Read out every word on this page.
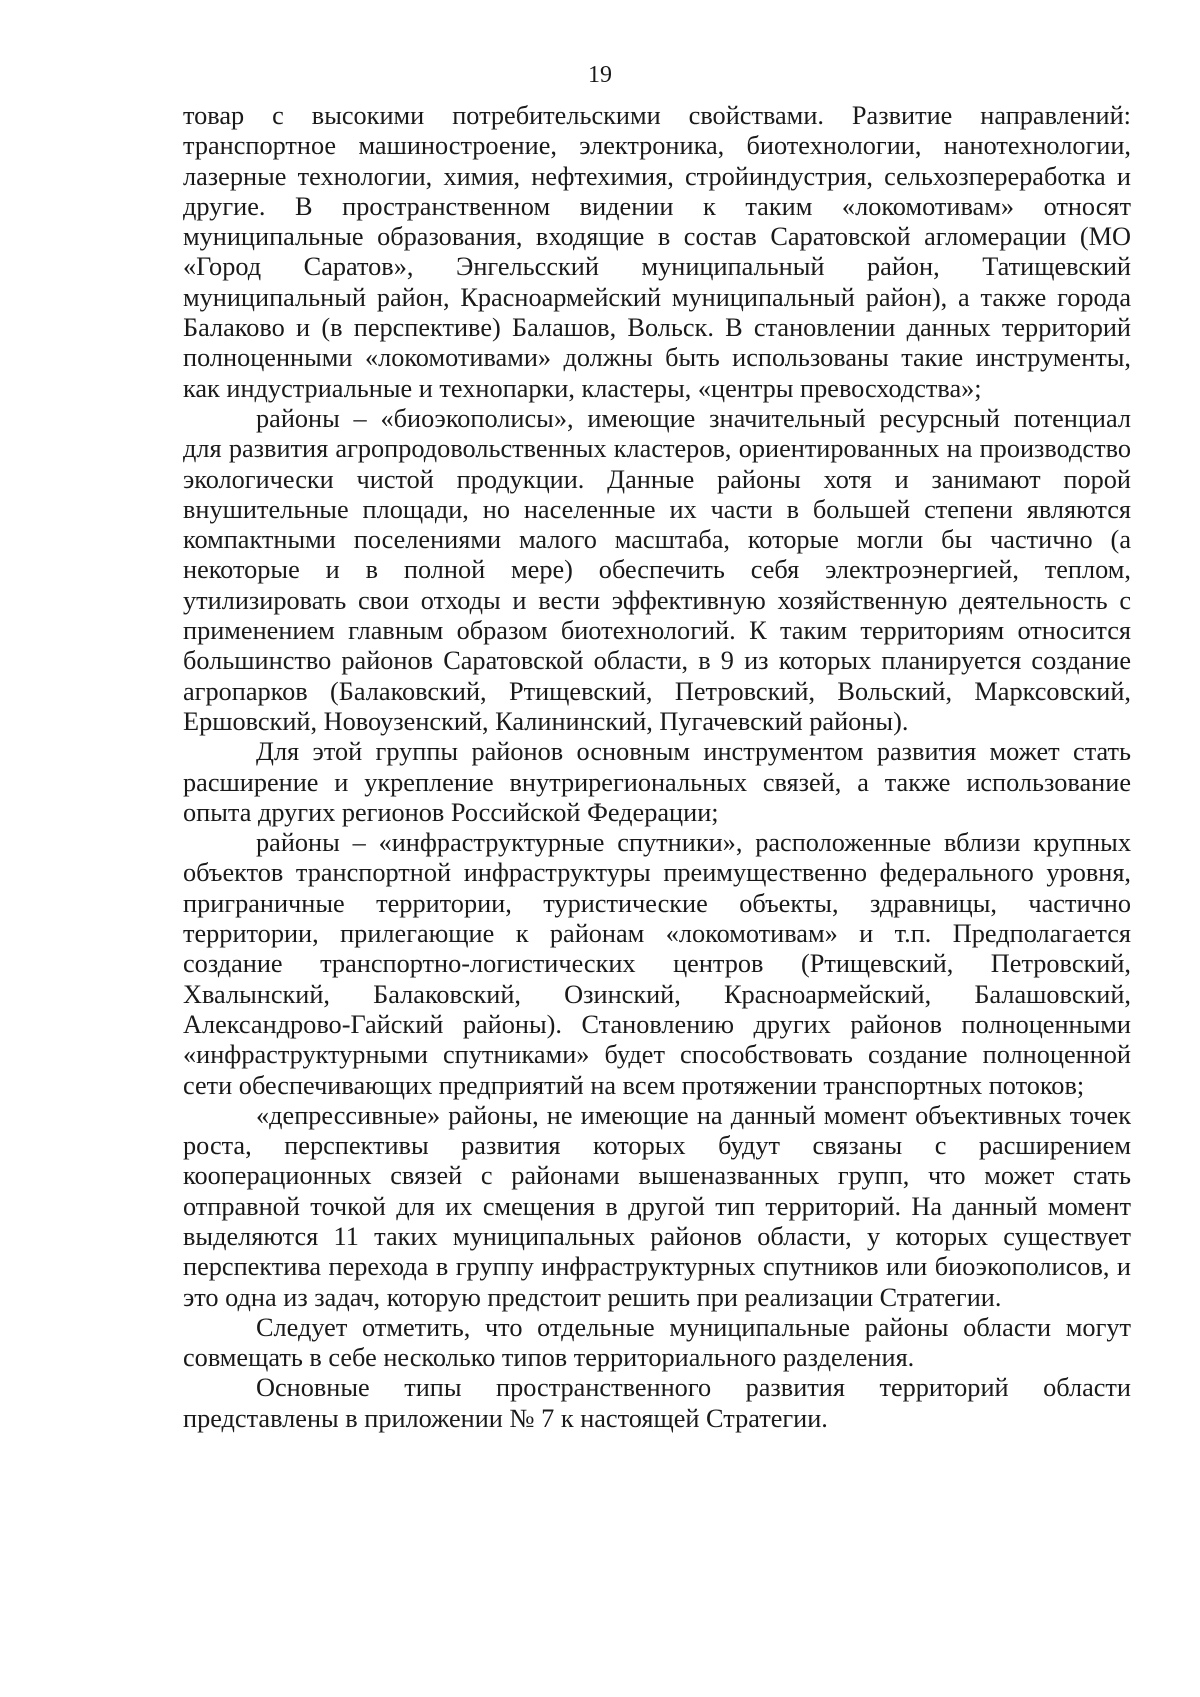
19

товар с высокими потребительскими свойствами. Развитие направлений: транспортное машиностроение, электроника, биотехнологии, нанотехнологии, лазерные технологии, химия, нефтехимия, стройиндустрия, сельхозпереработка и другие. В пространственном видении к таким «локомотивам» относят муниципальные образования, входящие в состав Саратовской агломерации (МО «Город Саратов», Энгельсский муниципальный район, Татищевский муниципальный район, Красноармейский муниципальный район), а также города Балаково и (в перспективе) Балашов, Вольск. В становлении данных территорий полноценными «локомотивами» должны быть использованы такие инструменты, как индустриальные и технопарки, кластеры, «центры превосходства»;

районы – «биоэкополисы», имеющие значительный ресурсный потенциал для развития агропродовольственных кластеров, ориентированных на производство экологически чистой продукции. Данные районы хотя и занимают порой внушительные площади, но населенные их части в большей степени являются компактными поселениями малого масштаба, которые могли бы частично (а некоторые и в полной мере) обеспечить себя электроэнергией, теплом, утилизировать свои отходы и вести эффективную хозяйственную деятельность с применением главным образом биотехнологий. К таким территориям относится большинство районов Саратовской области, в 9 из которых планируется создание агропарков (Балаковский, Ртищевский, Петровский, Вольский, Марксовский, Ершовский, Новоузенский, Калининский, Пугачевский районы).

Для этой группы районов основным инструментом развития может стать расширение и укрепление внутрирегиональных связей, а также использование опыта других регионов Российской Федерации;

районы – «инфраструктурные спутники», расположенные вблизи крупных объектов транспортной инфраструктуры преимущественно федерального уровня, приграничные территории, туристические объекты, здравницы, частично территории, прилегающие к районам «локомотивам» и т.п. Предполагается создание транспортно-логистических центров (Ртищевский, Петровский, Хвалынский, Балаковский, Озинский, Красноармейский, Балашовский, Александрово-Гайский районы). Становлению других районов полноценными «инфраструктурными спутниками» будет способствовать создание полноценной сети обеспечивающих предприятий на всем протяжении транспортных потоков;

«депрессивные» районы, не имеющие на данный момент объективных точек роста, перспективы развития которых будут связаны с расширением кооперационных связей с районами вышеназванных групп, что может стать отправной точкой для их смещения в другой тип территорий. На данный момент выделяются 11 таких муниципальных районов области, у которых существует перспектива перехода в группу инфраструктурных спутников или биоэкополисов, и это одна из задач, которую предстоит решить при реализации Стратегии.

Следует отметить, что отдельные муниципальные районы области могут совмещать в себе несколько типов территориального разделения.

Основные типы пространственного развития территорий области представлены в приложении № 7 к настоящей Стратегии.
